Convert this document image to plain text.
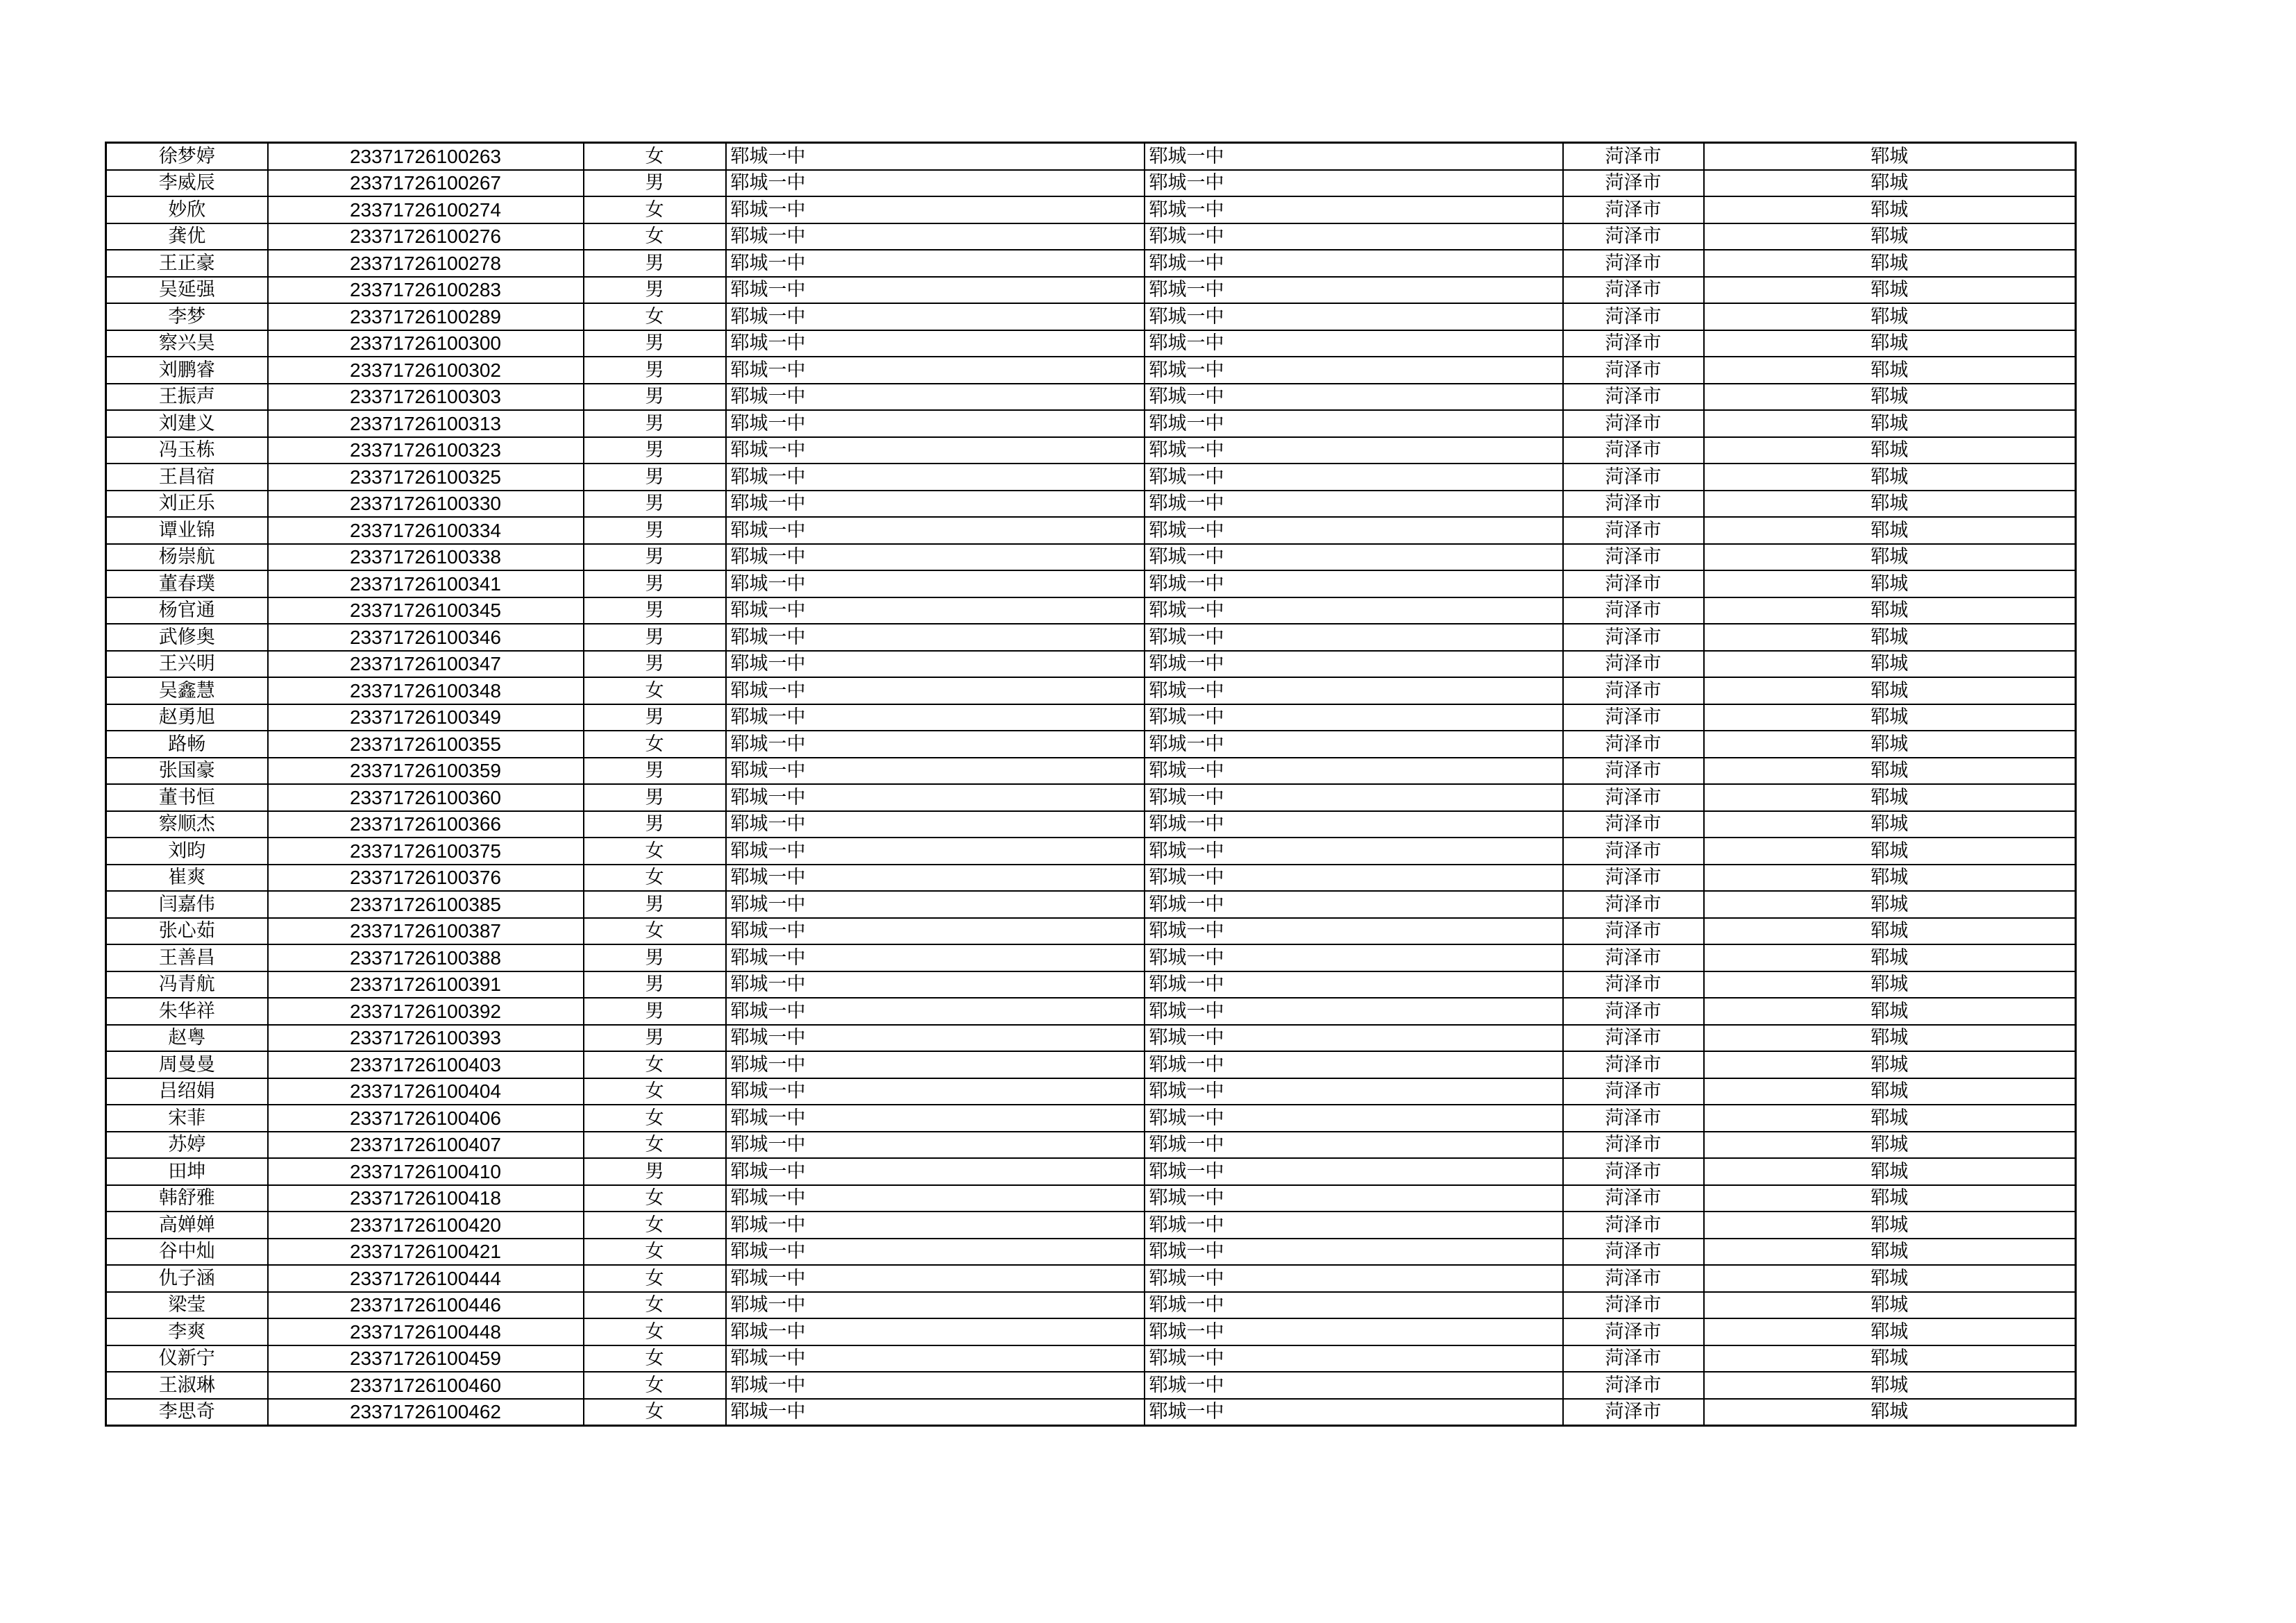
徐梦婷	23371726100263	女	郓城一中	郓城一中	菏泽市	郓城
李威辰	23371726100267	男	郓城一中	郓城一中	菏泽市	郓城
妙欣	23371726100274	女	郓城一中	郓城一中	菏泽市	郓城
龚优	23371726100276	女	郓城一中	郓城一中	菏泽市	郓城
王正豪	23371726100278	男	郓城一中	郓城一中	菏泽市	郓城
吴延强	23371726100283	男	郓城一中	郓城一中	菏泽市	郓城
李梦	23371726100289	女	郓城一中	郓城一中	菏泽市	郓城
察兴昊	23371726100300	男	郓城一中	郓城一中	菏泽市	郓城
刘鹏睿	23371726100302	男	郓城一中	郓城一中	菏泽市	郓城
王振声	23371726100303	男	郓城一中	郓城一中	菏泽市	郓城
刘建义	23371726100313	男	郓城一中	郓城一中	菏泽市	郓城
冯玉栋	23371726100323	男	郓城一中	郓城一中	菏泽市	郓城
王昌宿	23371726100325	男	郓城一中	郓城一中	菏泽市	郓城
刘正乐	23371726100330	男	郓城一中	郓城一中	菏泽市	郓城
谭业锦	23371726100334	男	郓城一中	郓城一中	菏泽市	郓城
杨崇航	23371726100338	男	郓城一中	郓城一中	菏泽市	郓城
董春璞	23371726100341	男	郓城一中	郓城一中	菏泽市	郓城
杨官通	23371726100345	男	郓城一中	郓城一中	菏泽市	郓城
武修奥	23371726100346	男	郓城一中	郓城一中	菏泽市	郓城
王兴明	23371726100347	男	郓城一中	郓城一中	菏泽市	郓城
吴鑫慧	23371726100348	女	郓城一中	郓城一中	菏泽市	郓城
赵勇旭	23371726100349	男	郓城一中	郓城一中	菏泽市	郓城
路畅	23371726100355	女	郓城一中	郓城一中	菏泽市	郓城
张国豪	23371726100359	男	郓城一中	郓城一中	菏泽市	郓城
董书恒	23371726100360	男	郓城一中	郓城一中	菏泽市	郓城
察顺杰	23371726100366	男	郓城一中	郓城一中	菏泽市	郓城
刘昀	23371726100375	女	郓城一中	郓城一中	菏泽市	郓城
崔爽	23371726100376	女	郓城一中	郓城一中	菏泽市	郓城
闫嘉伟	23371726100385	男	郓城一中	郓城一中	菏泽市	郓城
张心茹	23371726100387	女	郓城一中	郓城一中	菏泽市	郓城
王善昌	23371726100388	男	郓城一中	郓城一中	菏泽市	郓城
冯青航	23371726100391	男	郓城一中	郓城一中	菏泽市	郓城
朱华祥	23371726100392	男	郓城一中	郓城一中	菏泽市	郓城
赵粤	23371726100393	男	郓城一中	郓城一中	菏泽市	郓城
周曼曼	23371726100403	女	郓城一中	郓城一中	菏泽市	郓城
吕绍娟	23371726100404	女	郓城一中	郓城一中	菏泽市	郓城
宋菲	23371726100406	女	郓城一中	郓城一中	菏泽市	郓城
苏婷	23371726100407	女	郓城一中	郓城一中	菏泽市	郓城
田坤	23371726100410	男	郓城一中	郓城一中	菏泽市	郓城
韩舒雅	23371726100418	女	郓城一中	郓城一中	菏泽市	郓城
高婵婵	23371726100420	女	郓城一中	郓城一中	菏泽市	郓城
谷中灿	23371726100421	女	郓城一中	郓城一中	菏泽市	郓城
仇子涵	23371726100444	女	郓城一中	郓城一中	菏泽市	郓城
梁莹	23371726100446	女	郓城一中	郓城一中	菏泽市	郓城
李爽	23371726100448	女	郓城一中	郓城一中	菏泽市	郓城
仪新宁	23371726100459	女	郓城一中	郓城一中	菏泽市	郓城
王淑琳	23371726100460	女	郓城一中	郓城一中	菏泽市	郓城
李思奇	23371726100462	女	郓城一中	郓城一中	菏泽市	郓城
